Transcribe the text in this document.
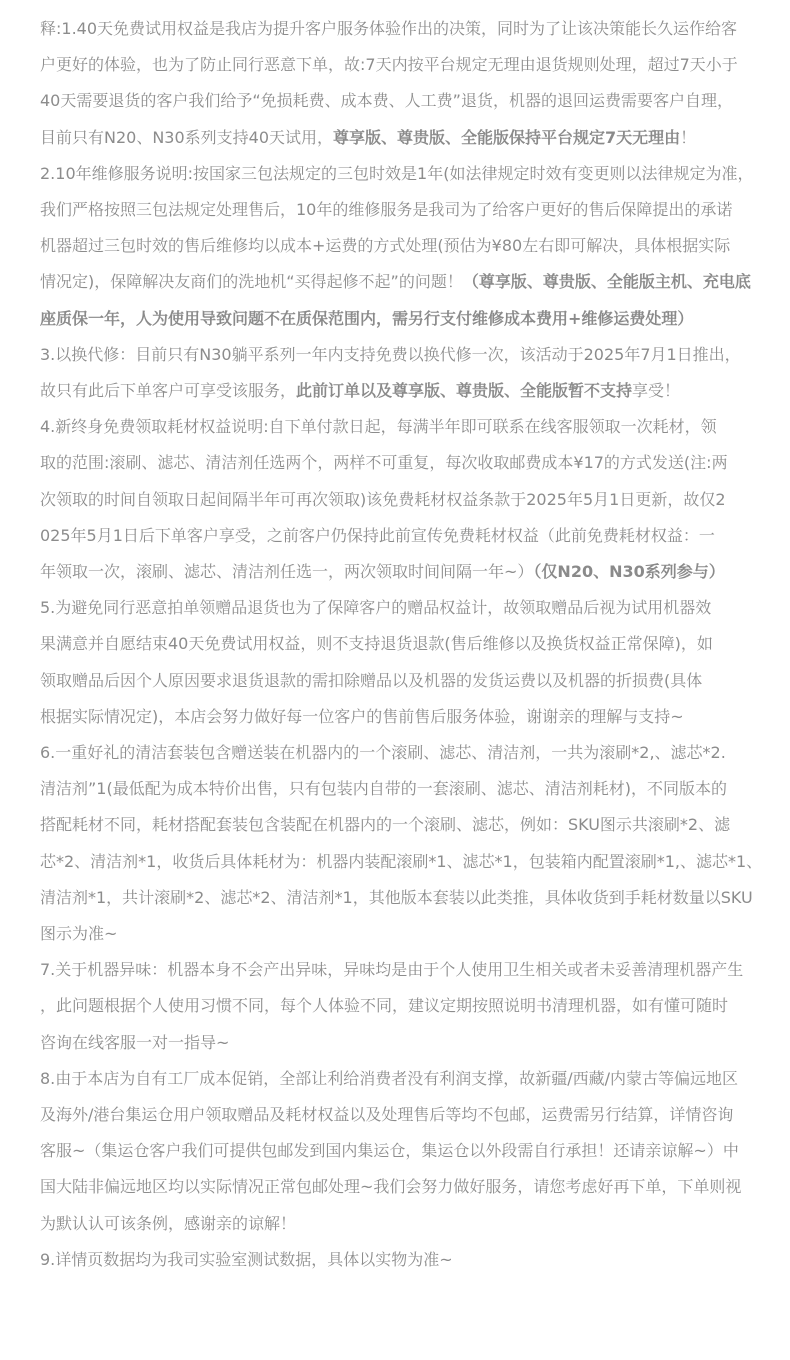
释:1.40天免费试用权益是我店为提升客户服务体验作出的决策，同时为了让该决策能长久运作给客
户更好的体验，也为了防止同行恶意下单，故:7天内按平台规定无理由退货规则处理，超过7天小于
40天需要退货的客户我们给予“免损耗费、成本费、人工费”退货，机器的退回运费需要客户自理，
目前只有N20、N30系列支持40天试用，尊享版、尊贵版、全能版保持平台规定7天无理由！
2.10年维修服务说明:按国家三包法规定的三包时效是1年(如法律规定时效有变更则以法律规定为准，
我们严格按照三包法规定处理售后，10年的维修服务是我司为了给客户更好的售后保障提出的承诺
机器超过三包时效的售后维修均以成本+运费的方式处理(预估为¥80左右即可解决，具体根据实际
情况定)，保障解决友商们的洗地机“买得起修不起”的问题！（尊享版、尊贵版、全能版主机、充电底
座质保一年，人为使用导致问题不在质保范围内，需另行支付维修成本费用+维修运费处理）
3.以换代修：目前只有N30躺平系列一年内支持免费以换代修一次，该活动于2025年7月1日推出，
故只有此后下单客户可享受该服务，此前订单以及尊享版、尊贵版、全能版暂不支持享受！
4.新终身免费领取耗材权益说明:自下单付款日起，每满半年即可联系在线客服领取一次耗材，领
取的范围:滚刷、滤芯、清洁剂任选两个，两样不可重复，每次收取邮费成本¥17的方式发送(注:两
次领取的时间自领取日起间隔半年可再次领取)该免费耗材权益条款于2025年5月1日更新，故仅2
025年5月1日后下单客户享受，之前客户仍保持此前宣传免费耗材权益（此前免费耗材权益：一
年领取一次，滚刷、滤芯、清洁剂任选一，两次领取时间间隔一年~）（仅N20、N30系列参与）
5.为避免同行恶意拍单领赠品退货也为了保障客户的赠品权益计，故领取赠品后视为试用机器效
果满意并自愿结束40天免费试用权益，则不支持退货退款(售后维修以及换货权益正常保障)，如
领取赠品后因个人原因要求退货退款的需扣除赠品以及机器的发货运费以及机器的折损费(具体
根据实际情况定)，本店会努力做好每一位客户的售前售后服务体验，谢谢亲的理解与支持~
6.一重好礼的清洁套装包含赠送装在机器内的一个滚刷、滤芯、清洁剂，一共为滚刷*2,、滤芯*2.
清洁剂”1(最低配为成本特价出售，只有包装内自带的一套滚刷、滤芯、清洁剂耗材)，不同版本的
搭配耗材不同，耗材搭配套装包含装配在机器内的一个滚刷、滤芯，例如：SKU图示共滚刷*2、滤
芯*2、清洁剂*1，收货后具体耗材为：机器内装配滚刷*1、滤芯*1，包装箱内配置滚刷*1,、滤芯*1、
清洁剂*1，共计滚刷*2、滤芯*2、清洁剂*1，其他版本套装以此类推，具体收货到手耗材数量以SKU
图示为准~
7.关于机器异味：机器本身不会产出异味，异味均是由于个人使用卫生相关或者未妥善清理机器产生
，此问题根据个人使用习惯不同，每个人体验不同，建议定期按照说明书清理机器，如有懂可随时
咨询在线客服一对一指导~
8.由于本店为自有工厂成本促销，全部让利给消费者没有利润支撑，故新疆/西藏/内蒙古等偏远地区
及海外/港台集运仓用户领取赠品及耗材权益以及处理售后等均不包邮，运费需另行结算，详情咨询
客服~（集运仓客户我们可提供包邮发到国内集运仓，集运仓以外段需自行承担！还请亲谅解~）中
国大陆非偏远地区均以实际情况正常包邮处理~我们会努力做好服务，请您考虑好再下单，下单则视
为默认认可该条例，感谢亲的谅解！
9.详情页数据均为我司实验室测试数据，具体以实物为准~
